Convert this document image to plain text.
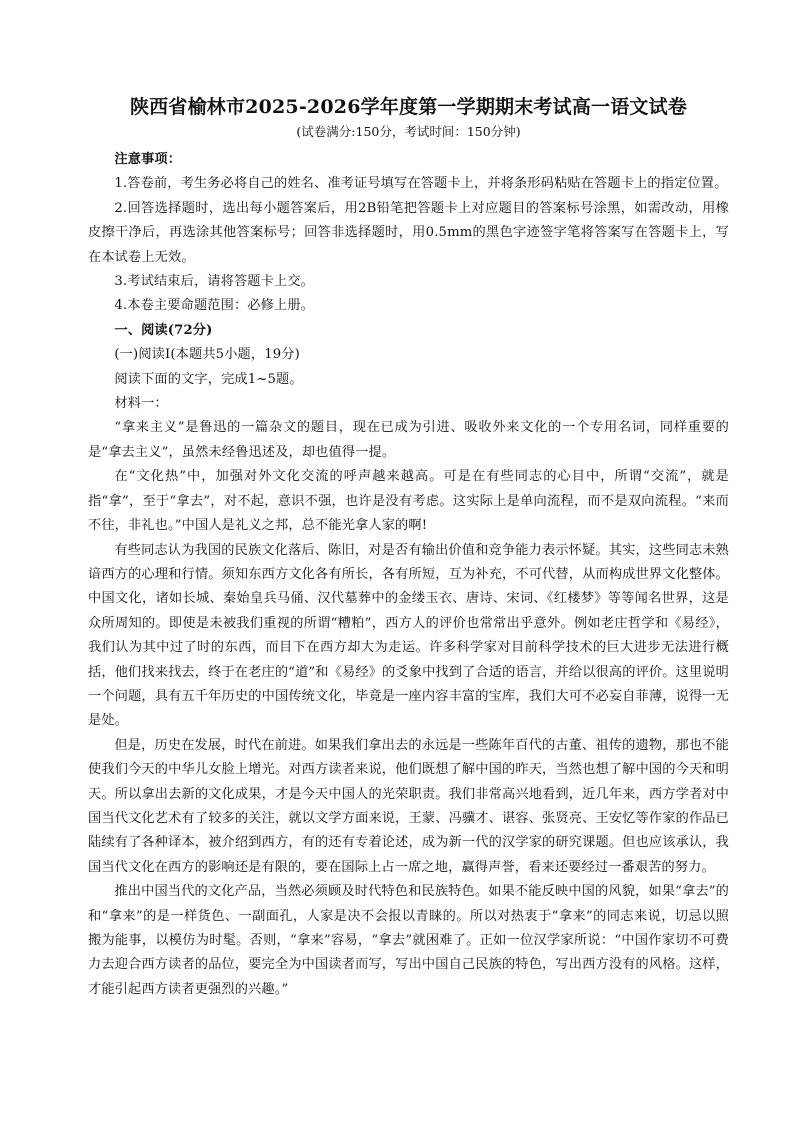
陕西省榆林市2025-2026学年度第一学期期末考试高一语文试卷
(试卷满分:150分，考试时间：150分钟)

注意事项：

1.答卷前，考生务必将自己的姓名、准考证号填写在答题卡上，并将条形码粘贴在答题卡上的指定位置。

2.回答选择题时，选出每小题答案后，用2B铅笔把答题卡上对应题目的答案标号涂黑，如需改动，用橡皮擦干净后，再选涂其他答案标号；回答非选择题时，用0.5mm的黑色字迹签字笔将答案写在答题卡上，写在本试卷上无效。

3.考试结束后，请将答题卡上交。

4.本卷主要命题范围：必修上册。

一、阅读(72分)

(一)阅读Ⅰ(本题共5小题，19分)

阅读下面的文字，完成1~5题。

材料一：

“拿来主义”是鲁迅的一篇杂文的题目，现在已成为引进、吸收外来文化的一个专用名词，同样重要的是“拿去主义”，虽然未经鲁迅述及，却也值得一提。

在“文化热”中，加强对外文化交流的呼声越来越高。可是在有些同志的心目中，所谓“交流”，就是指“拿”，至于“拿去”，对不起，意识不强，也许是没有考虑。这实际上是单向流程，而不是双向流程。“来而不往，非礼也。”中国人是礼义之邦，总不能光拿人家的啊!

有些同志认为我国的民族文化落后、陈旧，对是否有输出价值和竞争能力表示怀疑。其实，这些同志未熟谙西方的心理和行情。须知东西方文化各有所长，各有所短，互为补充，不可代替，从而构成世界文化整体。中国文化，诸如长城、秦始皇兵马俑、汉代墓葬中的金缕玉衣、唐诗、宋词、《红楼梦》等等闻名世界，这是众所周知的。即使是未被我们重视的所谓“糟粕”，西方人的评价也常常出乎意外。例如老庄哲学和《易经》，我们认为其中过了时的东西，而目下在西方却大为走运。许多科学家对目前科学技术的巨大进步无法进行概括，他们找来找去，终于在老庄的“道”和《易经》的爻象中找到了合适的语言，并给以很高的评价。这里说明一个问题，具有五千年历史的中国传统文化，毕竟是一座内容丰富的宝库，我们大可不必妄自菲薄，说得一无是处。

但是，历史在发展，时代在前进。如果我们拿出去的永远是一些陈年百代的古董、祖传的遗物，那也不能使我们今天的中华儿女脸上增光。对西方读者来说，他们既想了解中国的昨天，当然也想了解中国的今天和明天。所以拿出去新的文化成果，才是今天中国人的光荣职责。我们非常高兴地看到，近几年来，西方学者对中国当代文化艺术有了较多的关注，就以文学方面来说，王蒙、冯骥才、谌容、张贤亮、王安忆等作家的作品已陆续有了各种译本，被介绍到西方，有的还有专着论述，成为新一代的汉学家的研究课题。但也应该承认，我国当代文化在西方的影响还是有限的，要在国际上占一席之地，赢得声誉，看来还要经过一番艰苦的努力。

推出中国当代的文化产品，当然必须顾及时代特色和民族特色。如果不能反映中国的风貌，如果“拿去”的和“拿来”的是一样货色、一副面孔，人家是决不会报以青睐的。所以对热衷于“拿来”的同志来说，切忌以照搬为能事，以模仿为时髦。否则，“拿来”容易，“拿去”就困难了。正如一位汉学家所说：“中国作家切不可费力去迎合西方读者的品位，要完全为中国读者而写，写出中国自己民族的特色，写出西方没有的风格。这样，才能引起西方读者更强烈的兴趣。”
